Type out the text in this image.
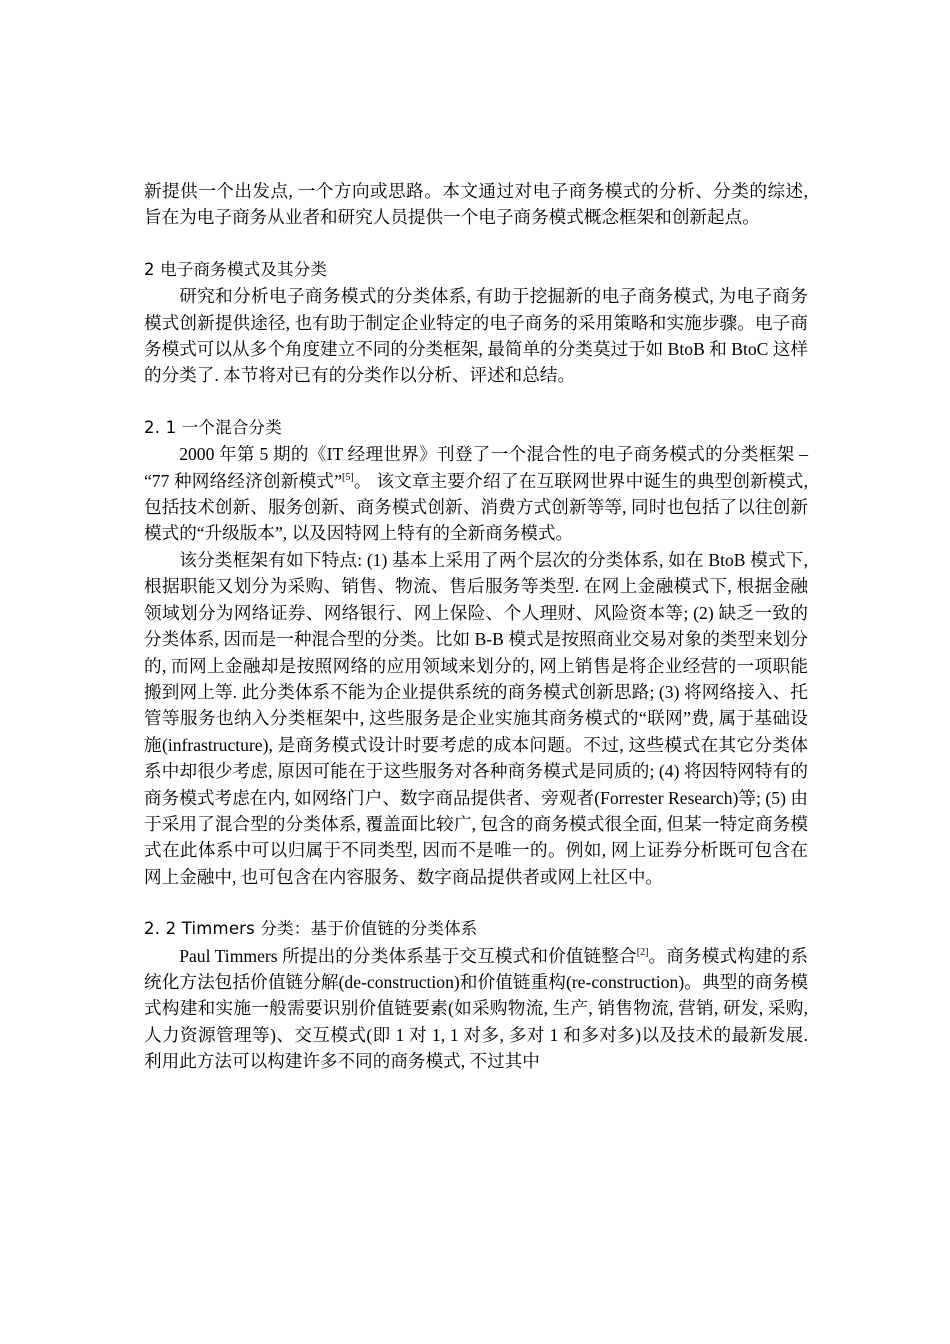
新提供一个出发点, 一个方向或思路。本文通过对电子商务模式的分析、分类的综述, 旨在为电子商务从业者和研究人员提供一个电子商务模式概念框架和创新起点。

2 电子商务模式及其分类

研究和分析电子商务模式的分类体系, 有助于挖掘新的电子商务模式, 为电子商务模式创新提供途径, 也有助于制定企业特定的电子商务的采用策略和实施步骤。电子商务模式可以从多个角度建立不同的分类框架, 最简单的分类莫过于如 BtoB 和 BtoC 这样的分类了. 本节将对已有的分类作以分析、评述和总结。

2. 1 一个混合分类

2000 年第 5 期的《IT 经理世界》刊登了一个混合性的电子商务模式的分类框架 – “77 种网络经济创新模式”[5]。 该文章主要介绍了在互联网世界中诞生的典型创新模式, 包括技术创新、服务创新、商务模式创新、消费方式创新等等, 同时也包括了以往创新模式的“升级版本”, 以及因特网上特有的全新商务模式。

该分类框架有如下特点: (1) 基本上采用了两个层次的分类体系, 如在 BtoB 模式下, 根据职能又划分为采购、销售、物流、售后服务等类型. 在网上金融模式下, 根据金融领域划分为网络证券、网络银行、网上保险、个人理财、风险资本等; (2) 缺乏一致的分类体系, 因而是一种混合型的分类。比如 B-B 模式是按照商业交易对象的类型来划分的, 而网上金融却是按照网络的应用领域来划分的, 网上销售是将企业经营的一项职能搬到网上等. 此分类体系不能为企业提供系统的商务模式创新思路; (3) 将网络接入、托管等服务也纳入分类框架中, 这些服务是企业实施其商务模式的“联网”费, 属于基础设施(infrastructure), 是商务模式设计时要考虑的成本问题。不过, 这些模式在其它分类体系中却很少考虑, 原因可能在于这些服务对各种商务模式是同质的; (4) 将因特网特有的商务模式考虑在内, 如网络门户、数字商品提供者、旁观者(Forrester Research)等; (5) 由于采用了混合型的分类体系, 覆盖面比较广, 包含的商务模式很全面, 但某一特定商务模式在此体系中可以归属于不同类型, 因而不是唯一的。例如, 网上证券分析既可包含在网上金融中, 也可包含在内容服务、数字商品提供者或网上社区中。

2. 2 Timmers 分类：基于价值链的分类体系

Paul Timmers 所提出的分类体系基于交互模式和价值链整合[2]。商务模式构建的系统化方法包括价值链分解(de-construction)和价值链重构(re-construction)。典型的商务模式构建和实施一般需要识别价值链要素(如采购物流, 生产, 销售物流, 营销, 研发, 采购, 人力资源管理等)、交互模式(即 1 对 1, 1 对多, 多对 1 和多对多)以及技术的最新发展. 利用此方法可以构建许多不同的商务模式, 不过其中
